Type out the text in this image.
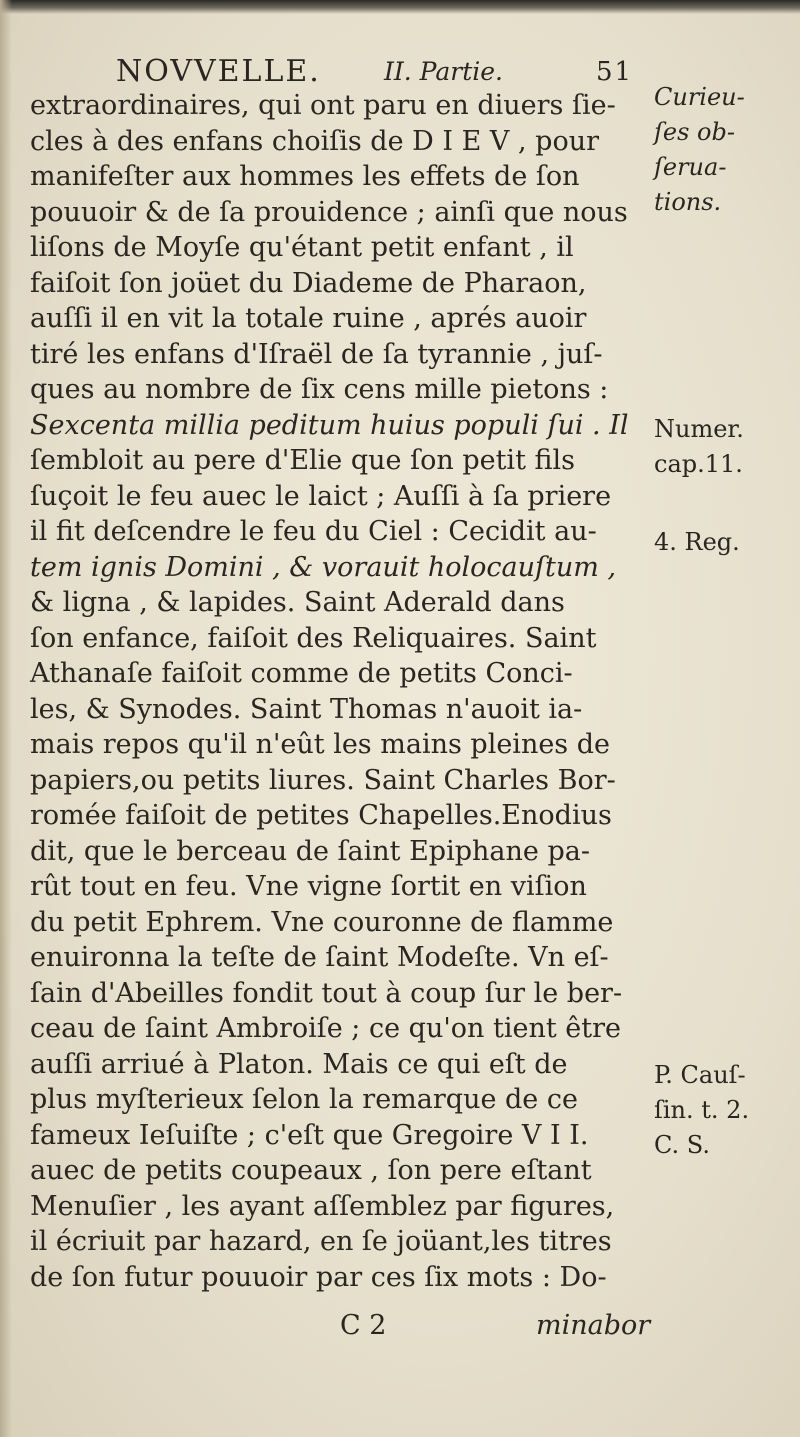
NOVVELLE.	II. Partie.	51
extraordinaires, qui ont paru en diuers ſie-
cles à des enfans choiſis de D I E V , pour
manifeſter aux hommes les effets de ſon
pouuoir & de ſa prouidence ; ainſi que nous
liſons de Moyſe qu'étant petit enfant , il
faiſoit ſon joüet du Diademe de Pharaon,
auſſi il en vit la totale ruine , aprés auoir
tiré les enfans d'Iſraël de ſa tyrannie , juſ-
ques au nombre de ſix cens mille pietons :
Sexcenta millia peditum huius populi ſui . Il
ſembloit au pere d'Elie que ſon petit fils
ſuçoit le feu auec le laict ; Auſſi à ſa priere
il fit deſcendre le feu du Ciel : Cecidit au-
tem ignis Domini , & vorauit holocauſtum ,
& ligna , & lapides. Saint Aderald dans
ſon enfance, faiſoit des Reliquaires. Saint
Athanaſe faiſoit comme de petits Conci-
les, & Synodes. Saint Thomas n'auoit ia-
mais repos qu'il n'eût les mains pleines de
papiers,ou petits liures. Saint Charles Bor-
romée faiſoit de petites Chapelles.Enodius
dit, que le berceau de ſaint Epiphane pa-
rût tout en feu. Vne vigne ſortit en viſion
du petit Ephrem. Vne couronne de flamme
enuironna la teſte de ſaint Modeſte. Vn eſ-
ſain d'Abeilles fondit tout à coup ſur le ber-
ceau de ſaint Ambroiſe ; ce qu'on tient être
auſſi arriué à Platon. Mais ce qui eſt de
plus myſterieux ſelon la remarque de ce
fameux Ieſuiſte ; c'eſt que Gregoire V I I.
auec de petits coupeaux , ſon pere eſtant
Menuſier , les ayant aſſemblez par figures,
il écriuit par hazard, en ſe joüant,les titres
de ſon futur pouuoir par ces ſix mots : Do-
Curieu-
ſes ob-
ſerua-
tions.
Numer.
cap.11.
4. Reg.
P. Cauſ-
ſin. t. 2.
C. S.
C 2	minabor
